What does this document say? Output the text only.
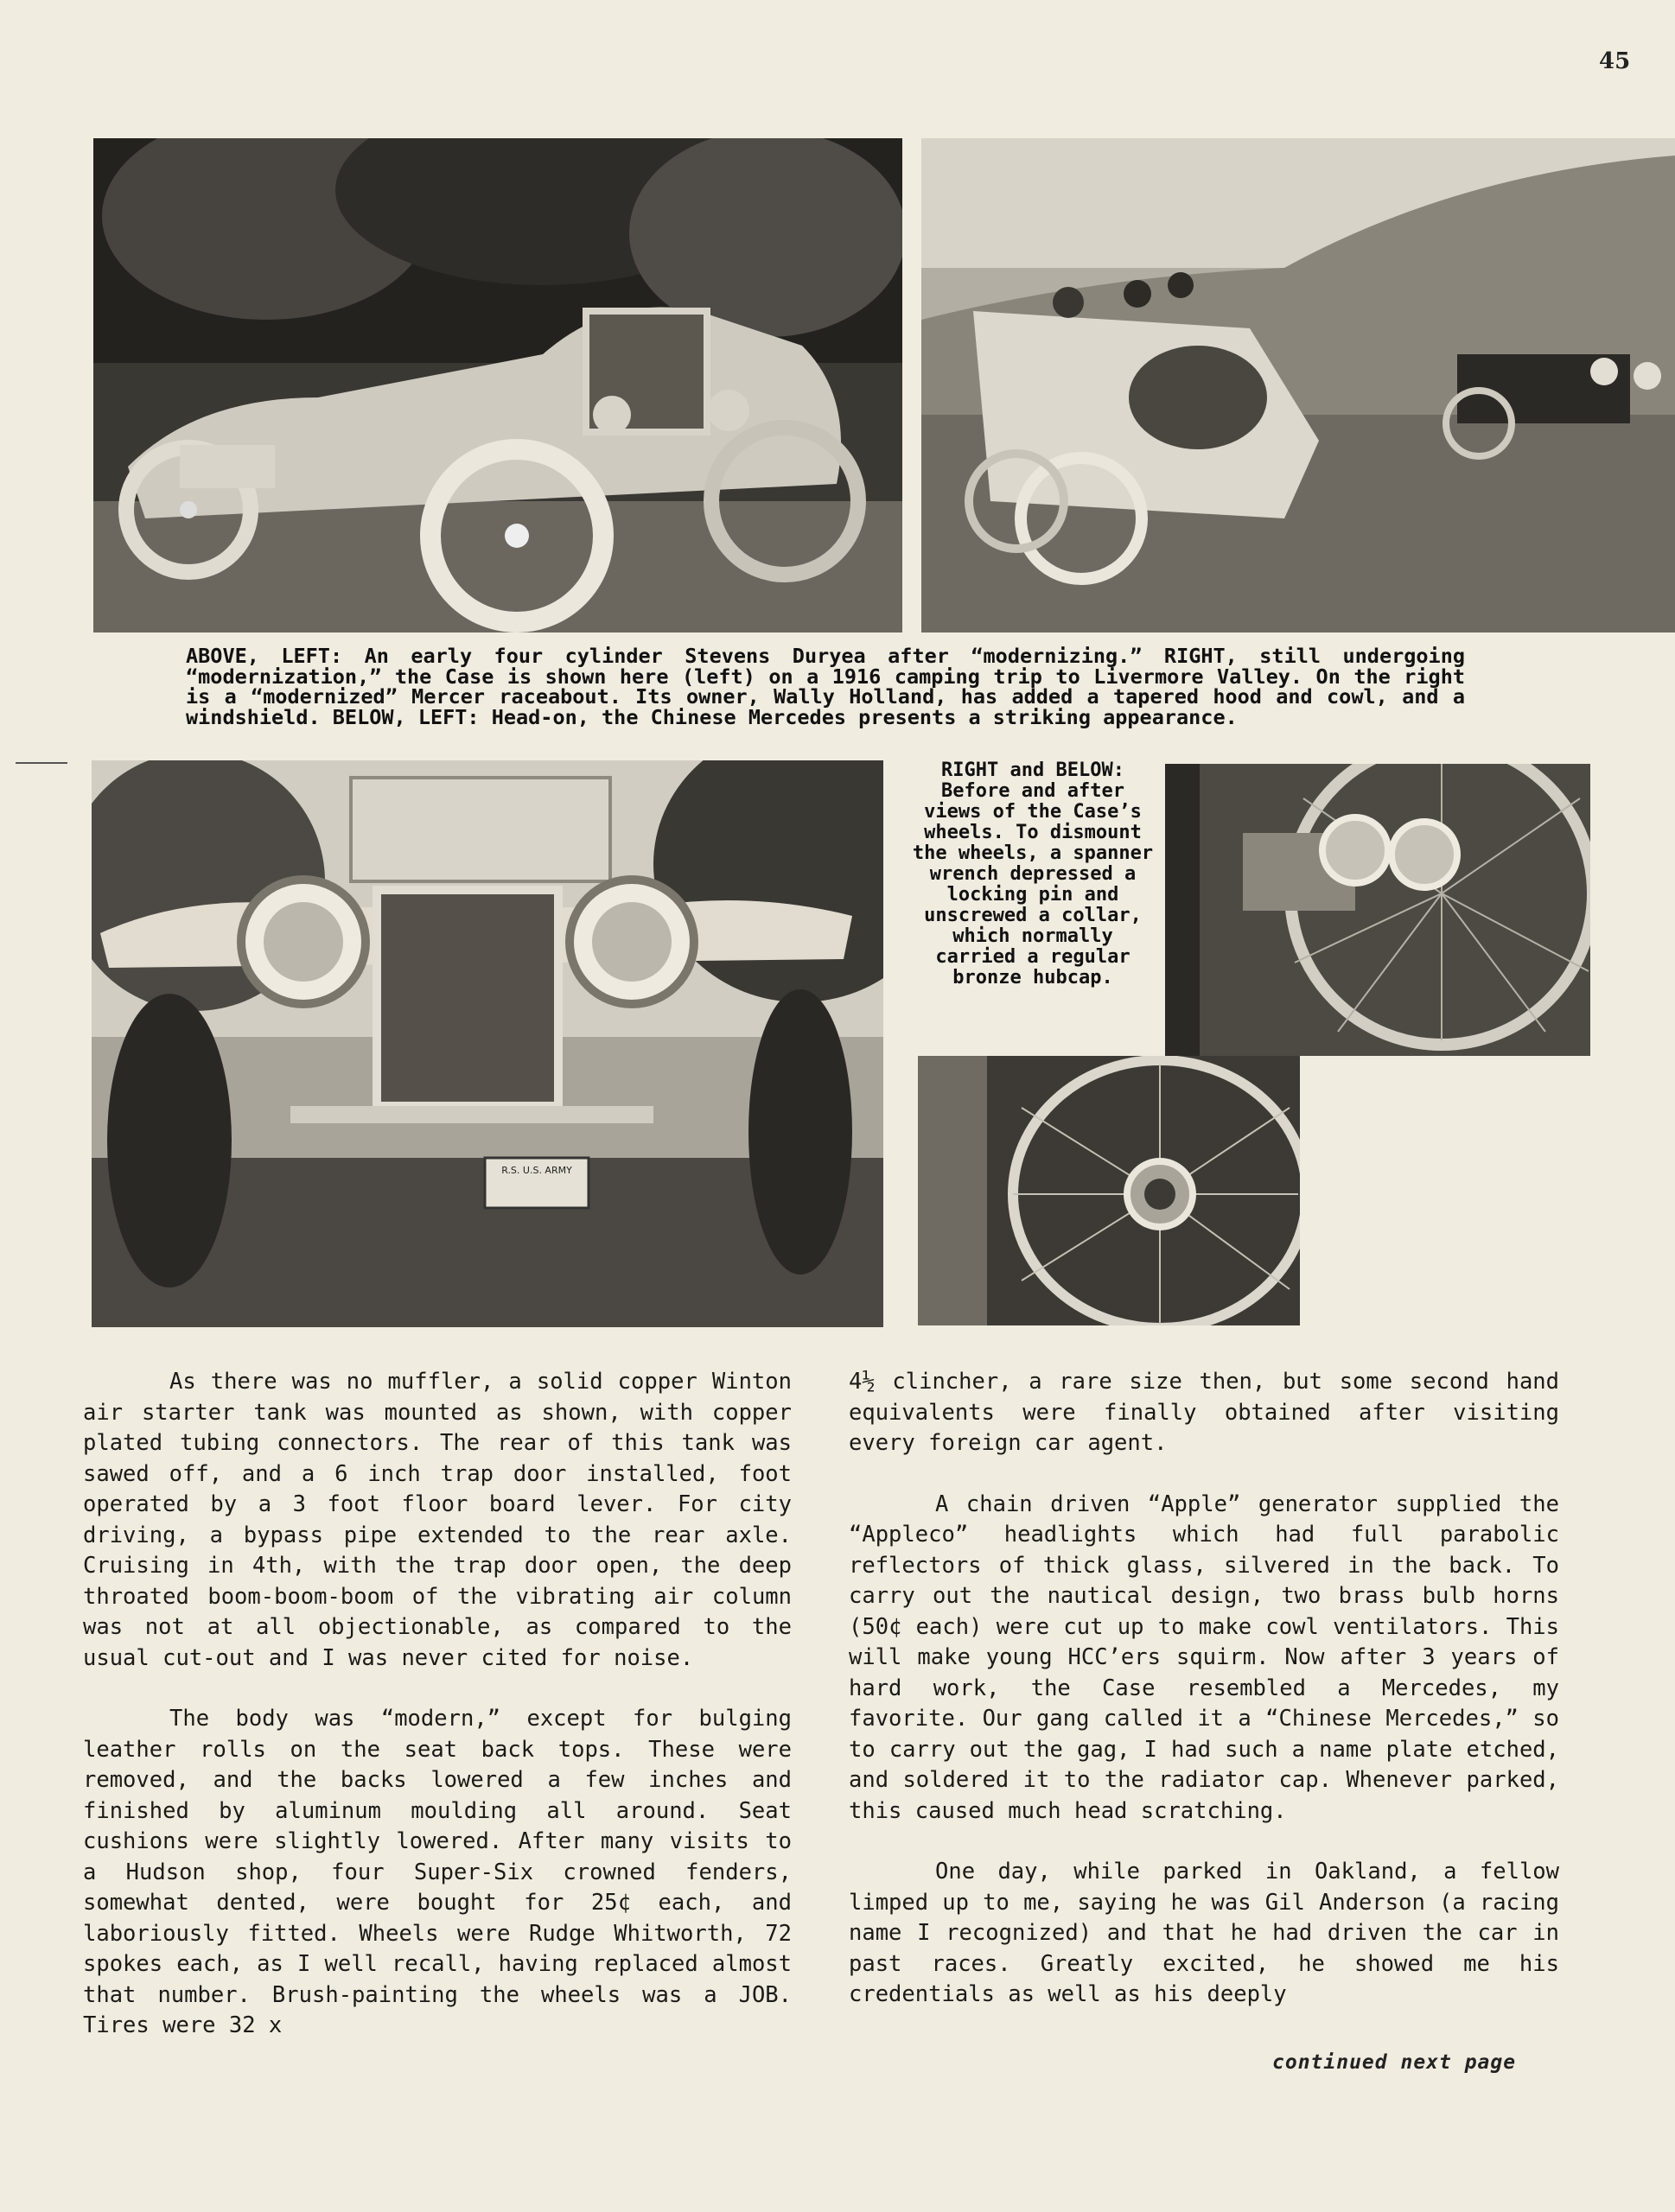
45

ABOVE, LEFT: An early four cylinder Stevens Duryea after “modernizing.” RIGHT, still undergoing “modernization,” the Case is shown here (left) on a 1916 camping trip to Livermore Valley. On the right is a “modernized” Mercer raceabout. Its owner, Wally Holland, has added a tapered hood and cowl, and a windshield. BELOW, LEFT: Head-on, the Chinese Mercedes presents a striking appearance.

R.S. U.S. ARMY

RIGHT and BELOW: Before and after views of the Case’s wheels. To dismount the wheels, a spanner wrench depressed a locking pin and unscrewed a collar, which normally carried a regular bronze hubcap.

As there was no muffler, a solid copper Winton air starter tank was mounted as shown, with copper plated tubing connectors. The rear of this tank was sawed off, and a 6 inch trap door installed, foot operated by a 3 foot floor board lever. For city driving, a bypass pipe extended to the rear axle. Cruising in 4th, with the trap door open, the deep throated boom-boom-boom of the vibrating air column was not at all objectionable, as compared to the usual cut-out and I was never cited for noise.

The body was “modern,” except for bulging leather rolls on the seat back tops. These were removed, and the backs lowered a few inches and finished by aluminum moulding all around. Seat cushions were slightly lowered. After many visits to a Hudson shop, four Super-Six crowned fenders, somewhat dented, were bought for 25¢ each, and laboriously fitted. Wheels were Rudge Whitworth, 72 spokes each, as I well recall, having replaced almost that number. Brush-painting the wheels was a JOB. Tires were 32 x

4½ clincher, a rare size then, but some second hand equivalents were finally obtained after visiting every foreign car agent.

A chain driven “Apple” generator supplied the “Appleco” headlights which had full parabolic reflectors of thick glass, silvered in the back. To carry out the nautical design, two brass bulb horns (50¢ each) were cut up to make cowl ventilators. This will make young HCC’ers squirm. Now after 3 years of hard work, the Case resembled a Mercedes, my favorite. Our gang called it a “Chinese Mercedes,” so to carry out the gag, I had such a name plate etched, and soldered it to the radiator cap. Whenever parked, this caused much head scratching.

One day, while parked in Oakland, a fellow limped up to me, saying he was Gil Anderson (a racing name I recognized) and that he had driven the car in past races. Greatly excited, he showed me his credentials as well as his deeply

continued next page
